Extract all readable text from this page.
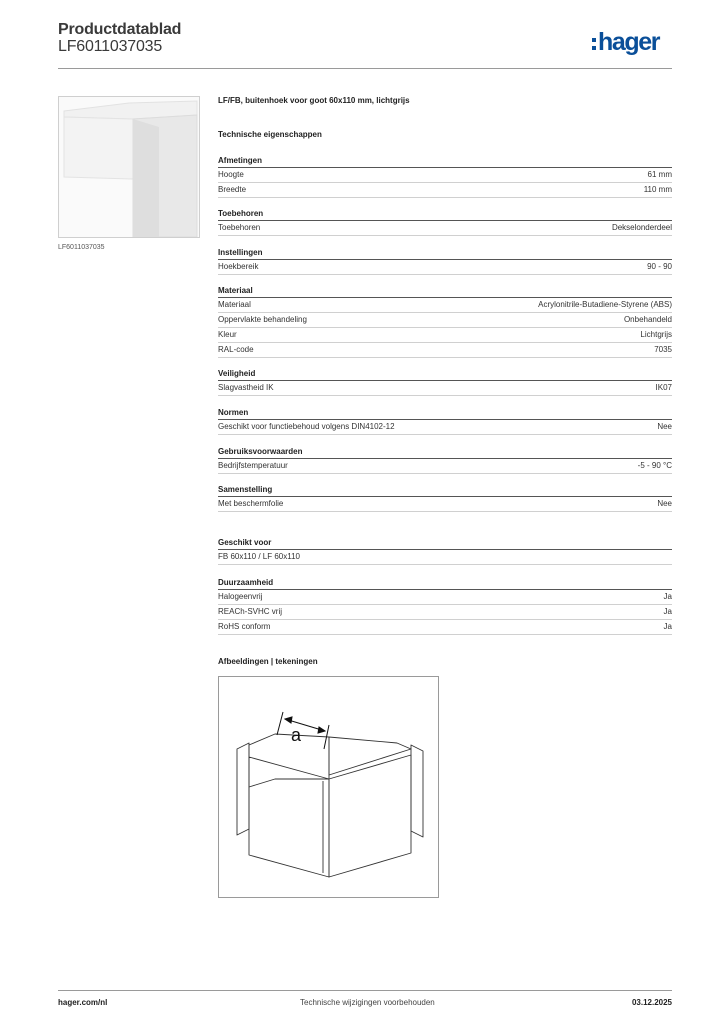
Productdatablad
LF6011037035	hager
LF6011037035
LF/FB, buitenhoek voor goot 60x110 mm, lichtgrijs
Technische eigenschappen
Afmetingen
Hoogte	61 mm
Breedte	110 mm
Toebehoren
Toebehoren	Dekselonderdeel
Instellingen
Hoekbereik	90 - 90
Materiaal
Materiaal	Acrylonitrile-Butadiene-Styrene (ABS)
Oppervlakte behandeling	Onbehandeld
Kleur	Lichtgrijs
RAL-code	7035
Veiligheid
Slagvastheid IK	IK07
Normen
Geschikt voor functiebehoud volgens DIN4102-12	Nee
Gebruiksvoorwaarden
Bedrijfstemperatuur	-5 - 90 °C
Samenstelling
Met beschermfolie	Nee
Geschikt voor
FB 60x110 / LF 60x110
Duurzaamheid
Halogeenvrij	Ja
REACh-SVHC vrij	Ja
RoHS conform	Ja
Afbeeldingen | tekeningen
a
hager.com/nl	Technische wijzigingen voorbehouden	03.12.2025
